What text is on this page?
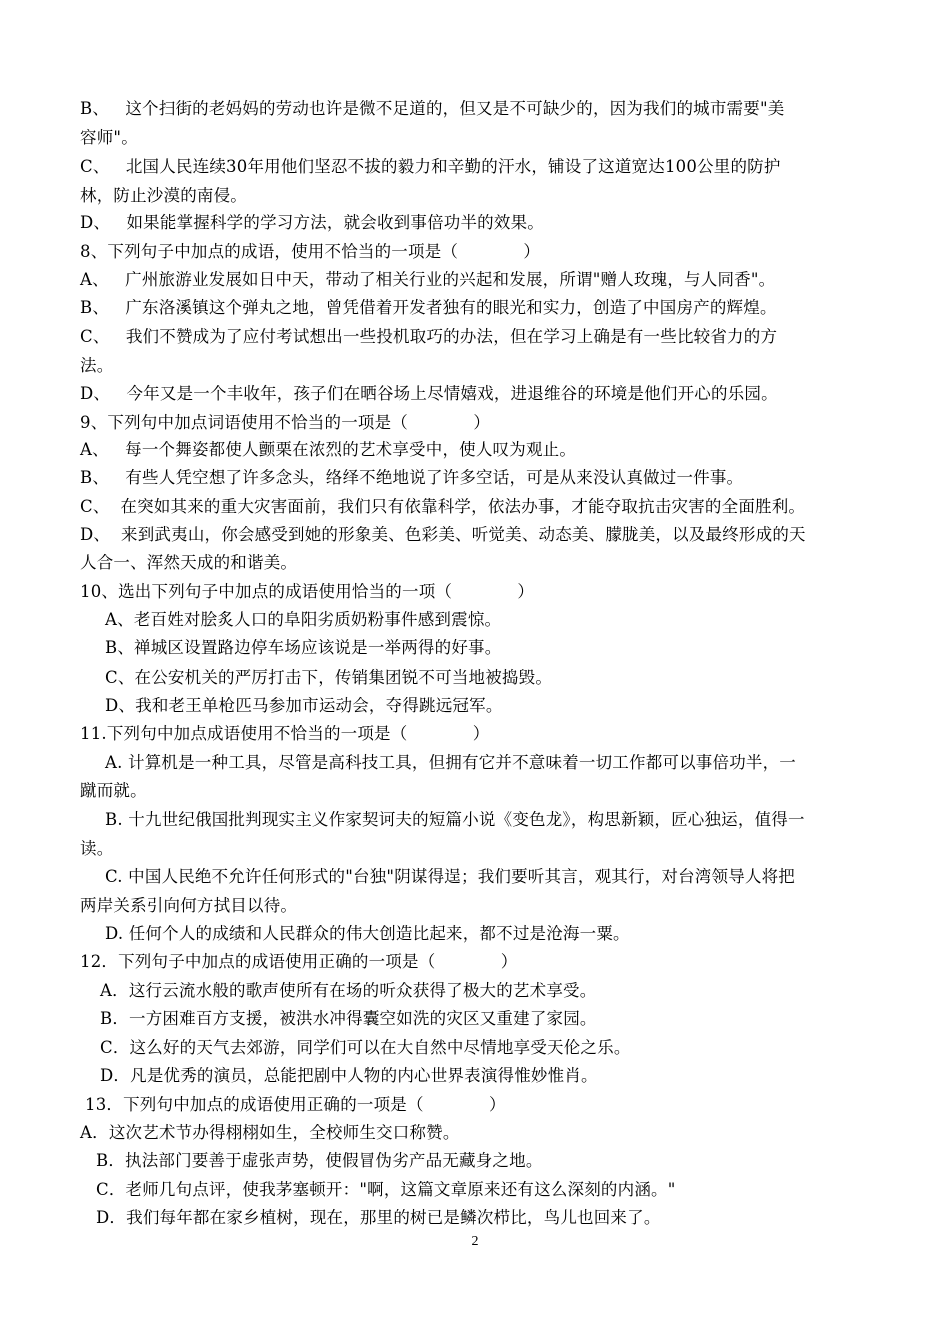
B、   这个扫街的老妈妈的劳动也许是微不足道的，但又是不可缺少的，因为我们的城市需要"美
容师"。
C、   北国人民连续30年用他们坚忍不拔的毅力和辛勤的汗水，铺设了这道宽达100公里的防护
林，防止沙漠的南侵。
D、   如果能掌握科学的学习方法，就会收到事倍功半的效果。
8、下列句子中加点的成语，使用不恰当的一项是（            ）
A、   广州旅游业发展如日中天，带动了相关行业的兴起和发展，所谓"赠人玫瑰，与人同香"。
B、   广东洛溪镇这个弹丸之地，曾凭借着开发者独有的眼光和实力，创造了中国房产的辉煌。
C、   我们不赞成为了应付考试想出一些投机取巧的办法，但在学习上确是有一些比较省力的方
法。
D、   今年又是一个丰收年，孩子们在晒谷场上尽情嬉戏，进退维谷的环境是他们开心的乐园。
9、下列句中加点词语使用不恰当的一项是（            ）
A、   每一个舞姿都使人颤栗在浓烈的艺术享受中，使人叹为观止。
B、   有些人凭空想了许多念头，络绎不绝地说了许多空话，可是从来没认真做过一件事。
C、  在突如其来的重大灾害面前，我们只有依靠科学，依法办事，才能夺取抗击灾害的全面胜利。
D、  来到武夷山，你会感受到她的形象美、色彩美、听觉美、动态美、朦胧美，以及最终形成的天
人合一、浑然天成的和谐美。
10、选出下列句子中加点的成语使用恰当的一项（            ）
A、老百姓对脍炙人口的阜阳劣质奶粉事件感到震惊。
B、禅城区设置路边停车场应该说是一举两得的好事。
C、在公安机关的严厉打击下，传销集团锐不可当地被捣毁。
D、我和老王单枪匹马参加市运动会，夺得跳远冠军。
11.下列句中加点成语使用不恰当的一项是（            ）
A. 计算机是一种工具，尽管是高科技工具，但拥有它并不意味着一切工作都可以事倍功半，一
蹴而就。
B. 十九世纪俄国批判现实主义作家契诃夫的短篇小说《变色龙》，构思新颖，匠心独运，值得一
读。
C. 中国人民绝不允许任何形式的"台独"阴谋得逞；我们要听其言，观其行，对台湾领导人将把
两岸关系引向何方拭目以待。
D. 任何个人的成绩和人民群众的伟大创造比起来，都不过是沧海一粟。
12．下列句子中加点的成语使用正确的一项是（            ）
A．这行云流水般的歌声使所有在场的听众获得了极大的艺术享受。
B．一方困难百方支援，被洪水冲得囊空如洗的灾区又重建了家园。
C．这么好的天气去郊游，同学们可以在大自然中尽情地享受天伦之乐。
D．凡是优秀的演员，总能把剧中人物的内心世界表演得惟妙惟肖。
13．下列句中加点的成语使用正确的一项是（            ）
A．这次艺术节办得栩栩如生，全校师生交口称赞。
B．执法部门要善于虚张声势，使假冒伪劣产品无藏身之地。
C．老师几句点评，使我茅塞顿开："啊，这篇文章原来还有这么深刻的内涵。"
D．我们每年都在家乡植树，现在，那里的树已是鳞次栉比，鸟儿也回来了。
2
